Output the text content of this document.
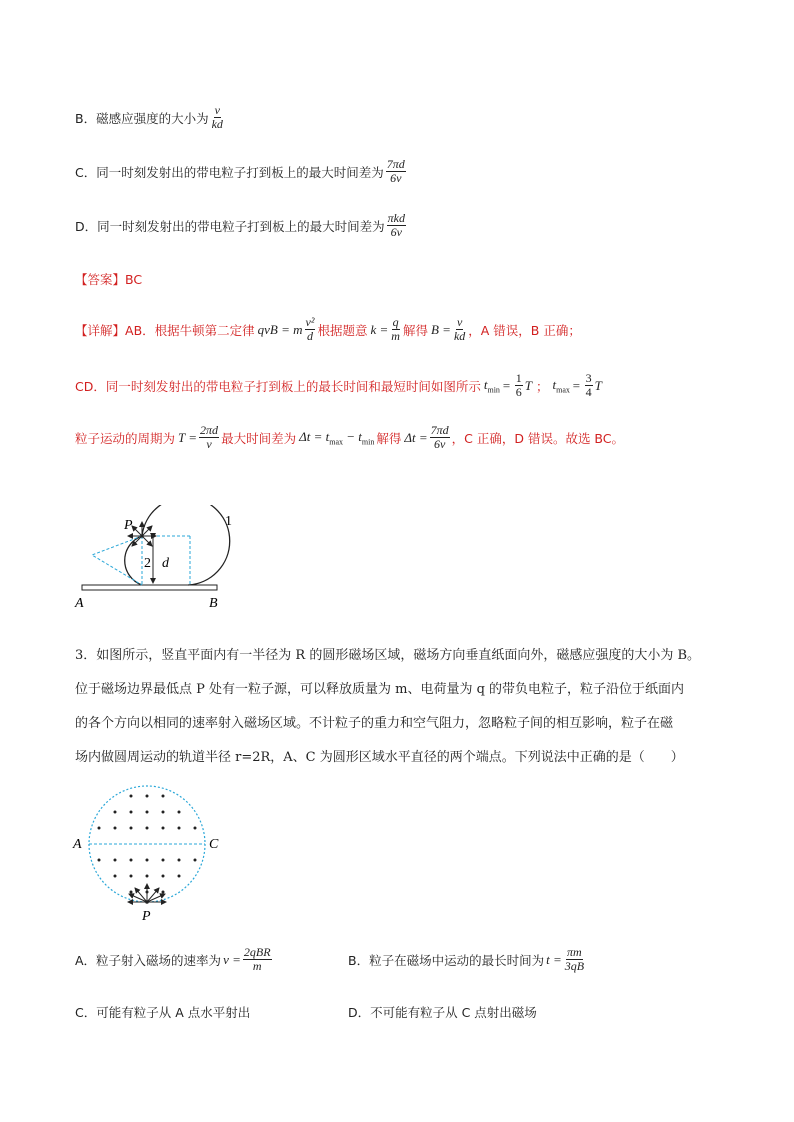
B．磁感应强度的大小为 $\frac{v}{kd}$
C．同一时刻发射出的带电粒子打到板上的最大时间差为 $\frac{7\pi d}{6v}$
D．同一时刻发射出的带电粒子打到板上的最大时间差为 $\frac{\text{πkd}}{6v}$
【答案】 BC
【详解】 AB．根据牛顿第二定律 qvB = m $\frac{\text{v²}}{d}$ 根据题意 $k = \frac{q}{m}$ 解得 $B = \frac{v}{kd}$ ，A 错误，B 正确；
CD．同一时刻发射出的带电粒子打到板上的最长时间和最短时间如图所示 $t_{min} = \frac{1}{6}$ T ； $t_{max} = \frac{3}{4}$ T
粒子运动的周期为 $T = \frac{2\pi d}{v}$ 最大时间差为 $\Delta t = t_{max} - t_{min}$ 解得 $\Delta t = \frac{7\pi d}{6v}$ ，C 正确，D 错误。故选 BC。
P	1
2 d
A	B
3．如图所示，竖直平面内有一半径为 R 的圆形磁场区域，磁场方向垂直纸面向外，磁感应强度的大小为 B。
位于磁场边界最低点 P 处有一粒子源，可以释放质量为 m、电荷量为 q 的带负电粒子，粒子沿位于纸面内
的各个方向以相同的速率射入磁场区域。不计粒子的重力和空气阻力，忽略粒子间的相互影响，粒子在磁
场内做圆周运动的轨道半径 r=2R，A、C 为圆形区域水平直径的两个端点。下列说法中正确的是（　　）
A	C
P
A．粒子射入磁场的速率为 $v = \frac{\text{2qBR}}{m}$	B．粒子在磁场中运动的最长时间为 $t = \frac{\pi m}{3qB}$
C．可能有粒子从 A 点水平射出	D．不可能有粒子从 C 点射出磁场
